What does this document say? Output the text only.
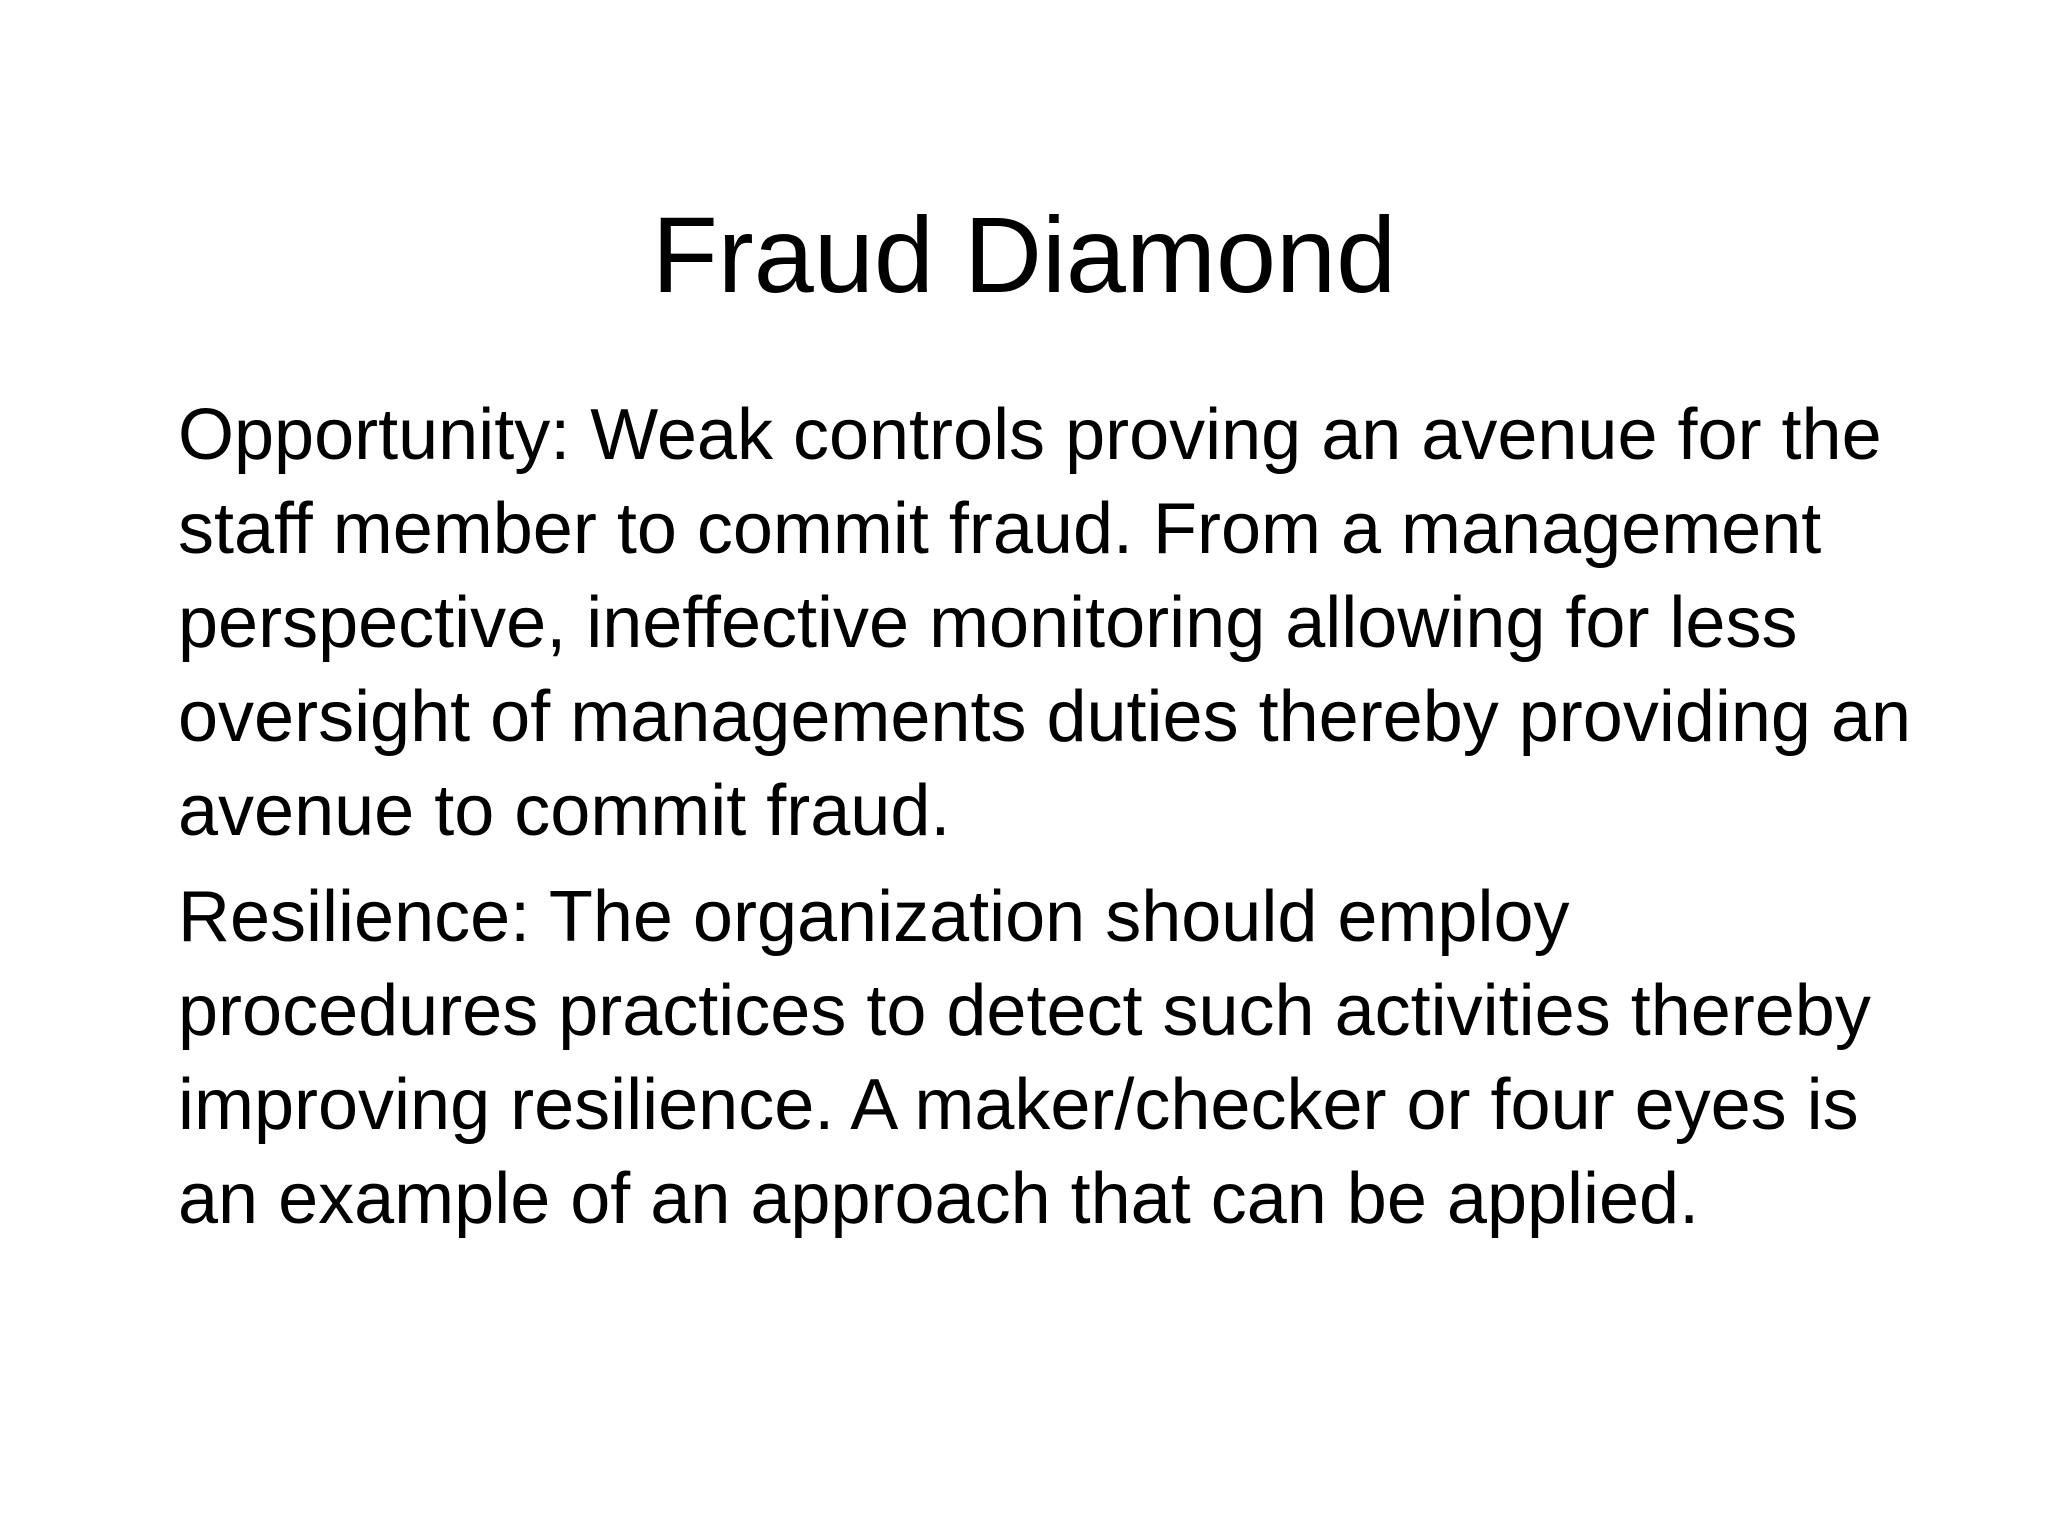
Fraud Diamond

Opportunity: Weak controls proving an avenue for the staff member to commit fraud. From a management perspective, ineffective monitoring allowing for less oversight of managements duties thereby providing an avenue to commit fraud.

Resilience: The organization should employ procedures practices to detect such activities thereby improving resilience. A maker/checker or four eyes is an example of an approach that can be applied.
